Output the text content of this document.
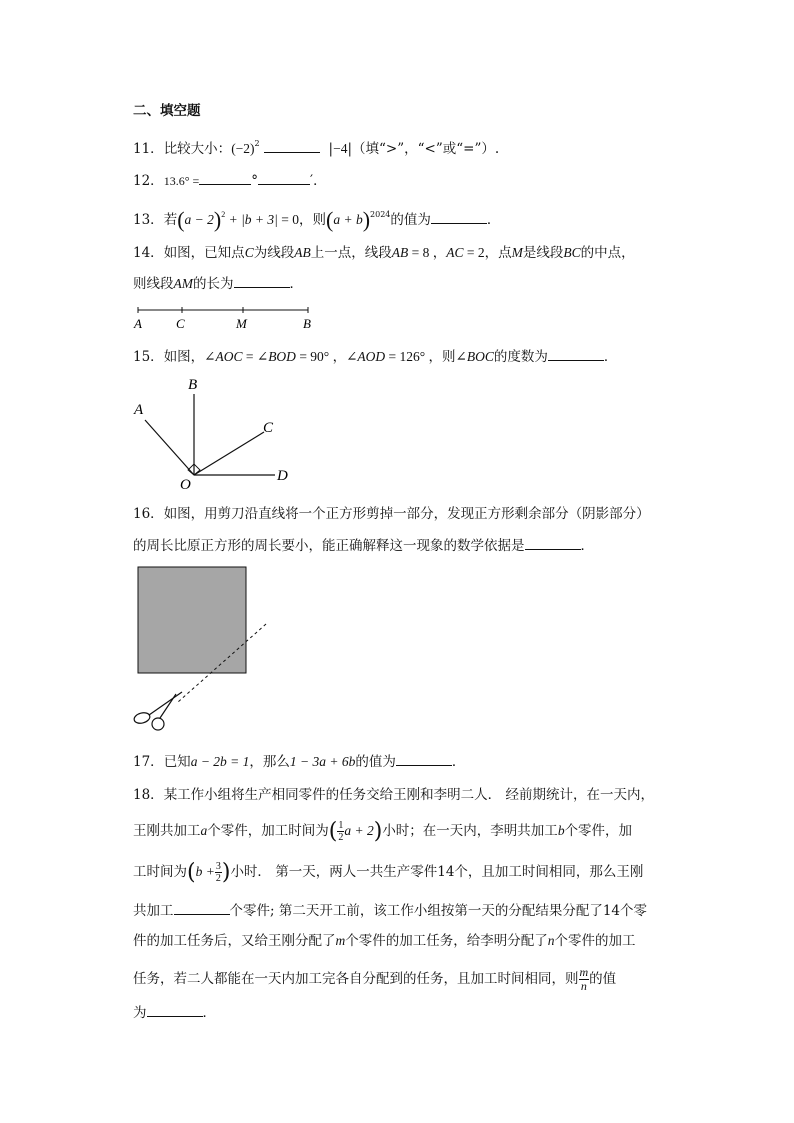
二、填空题
11．比较大小：$(-2)^2$	|−4|（填“>”，“<”或“=”）.
12．13.6° =	°	′．
13．若$(a - 2)^2 + |b + 3| = 0$，则$(a + b)^{2024}$的值为	．
14．如图，已知点C为线段AB上一点，线段AB = 8 ，AC = 2，点M是线段BC的中点，
则线段AM的长为	．
A	C	M	B
15．如图，∠AOC = ∠BOD = 90° ，∠AOD = 126° ，则∠BOC的度数为	．
A
B
C
D
O
16．如图，用剪刀沿直线将一个正方形剪掉一部分，发现正方形剩余部分（阴影部分）
的周长比原正方形的周长要小，能正确解释这一现象的数学依据是	．
17．已知a − 2b = 1，那么1 − 3a + 6b的值为	．
18．某工作小组将生产相同零件的任务交给王刚和李明二人． 经前期统计，在一天内，
王刚共加工a个零件，加工时间为( $\frac{1}{2}$ a + 2)小时；在一天内，李明共加工b个零件，加
工时间为($b + \frac{3}{2}$ )小时． 第一天，两人一共生产零件14个，且加工时间相同，那么王刚
共加工	个零件; 第二天开工前，该工作小组按第一天的分配结果分配了14个零
件的加工任务后，又给王刚分配了m个零件的加工任务，给李明分配了n个零件的加工
任务，若二人都能在一天内加工完各自分配到的任务，且加工时间相同，则 $\frac{m}{n}$ 的值
为	．
